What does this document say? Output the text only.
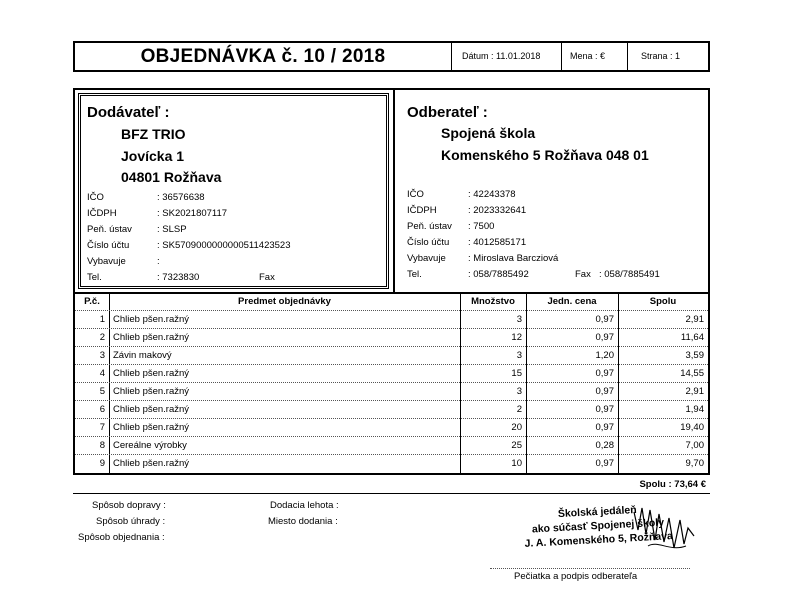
OBJEDNÁVKA č. 10 / 2018	Dátum : 11.01.2018	Mena : €	Strana : 1
Dodávateľ :
BFZ TRIO
Jovícka 1
04801 Rožňava
IČO	: 36576638
IČDPH	: SK2021807117
Peň. ústav	: SLSP
Číslo účtu	: SK5709000000000511423523
Vybavuje	:
Tel.	: 7323830	Fax
Odberateľ :
Spojená škola
Komenského 5 Rožňava 048 01
IČO	: 42243378
IČDPH	: 2023332641
Peň. ústav : 7500
Číslo účtu : 4012585171
Vybavuje : Miroslava Barcziová
Tel.	: 058/7885492	Fax : 058/7885491
P.č.	Predmet objednávky	Množstvo	Jedn. cena	Spolu
1 Chlieb pšen.ražný	3	0,97	2,91
2 Chlieb pšen.ražný	12	0,97	11,64
3 Závin makový	3	1,20	3,59
4 Chlieb pšen.ražný	15	0,97	14,55
5 Chlieb pšen.ražný	3	0,97	2,91
6 Chlieb pšen.ražný	2	0,97	1,94
7 Chlieb pšen.ražný	20	0,97	19,40
8 Cereálne výrobky	25	0,28	7,00
9 Chlieb pšen.ražný	10	0,97	9,70
Spolu : 73,64 €
Spôsob dopravy :
Spôsob úhrady :
Spôsob objednania :
Dodacia lehota :
Miesto dodania :
Školská jedáleň
ako súčasť Spojenej školy
J. A. Komenského 5, Rožňava
Pečiatka a podpis odberateľa
